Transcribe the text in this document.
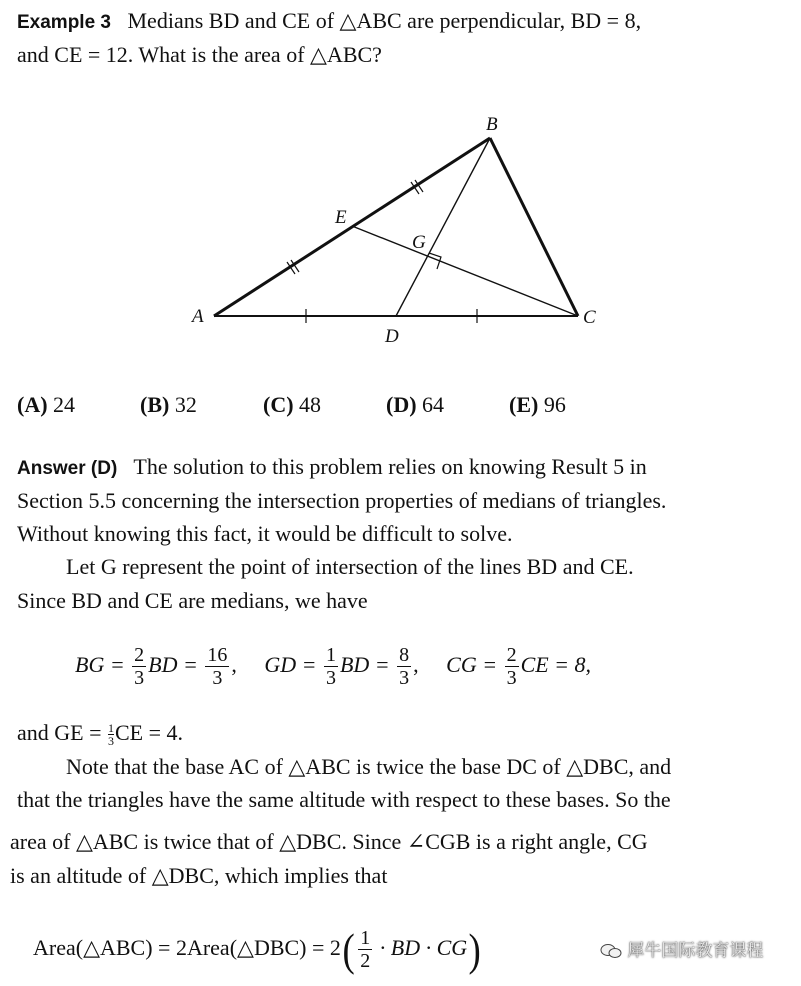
Example 3 Medians BD and CE of △ABC are perpendicular, BD = 8,
and CE = 12. What is the area of △ABC?
A
B
C
D
E
G
(A) 24	(B) 32	(C) 48	(D) 64	(E) 96
Answer (D) The solution to this problem relies on knowing Result 5 in
Section 5.5 concerning the intersection properties of medians of triangles.
Without knowing this fact, it would be difficult to solve.
Let G represent the point of intersection of the lines BD and CE.
Since BD and CE are medians, we have
BG = $\frac{2}{3}$ BD = $\frac{16}{3}$ , GD = $\frac{1}{3}$ BD = $\frac{8}{3}$ , CG = $\frac{2}{3}$ CE = 8,
and GE = $\frac{1}{3}$ CE = 4.
Note that the base AC of △ABC is twice the base DC of △DBC, and
that the triangles have the same altitude with respect to these bases. So the
area of △ABC is twice that of △DBC. Since ∠CGB is a right angle, CG
is an altitude of △DBC, which implies that
Area(△ABC) = 2Area(△DBC) = $2( \frac{1}{2}$ · BD · CG)	犀牛国际教育课程
